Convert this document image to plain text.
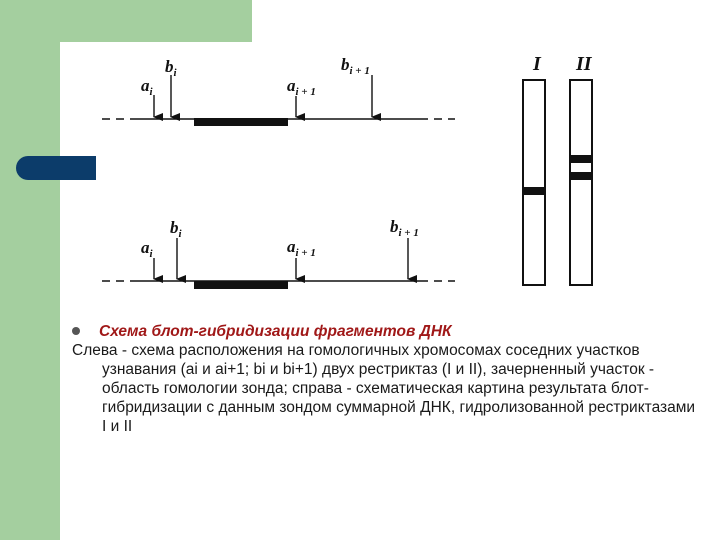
$a_i$
$b_i$
$a_{i + 1}$
$b_{i + 1}$
$a_i$
$b_i$
$a_{i + 1}$
$b_{i + 1}$
I II
Схема блот-гибридизации фрагментов ДНК
Слева - схема расположения на гомологичных хромосомах соседних участков узнавания (ai и ai+1; bi и bi+1) двух рестриктаз (I и II), зачерненный участок - область гомологии зонда; справа - схематическая картина результата блот-гибридизации с данным зондом суммарной ДНК, гидролизованной рестриктазами I и II
